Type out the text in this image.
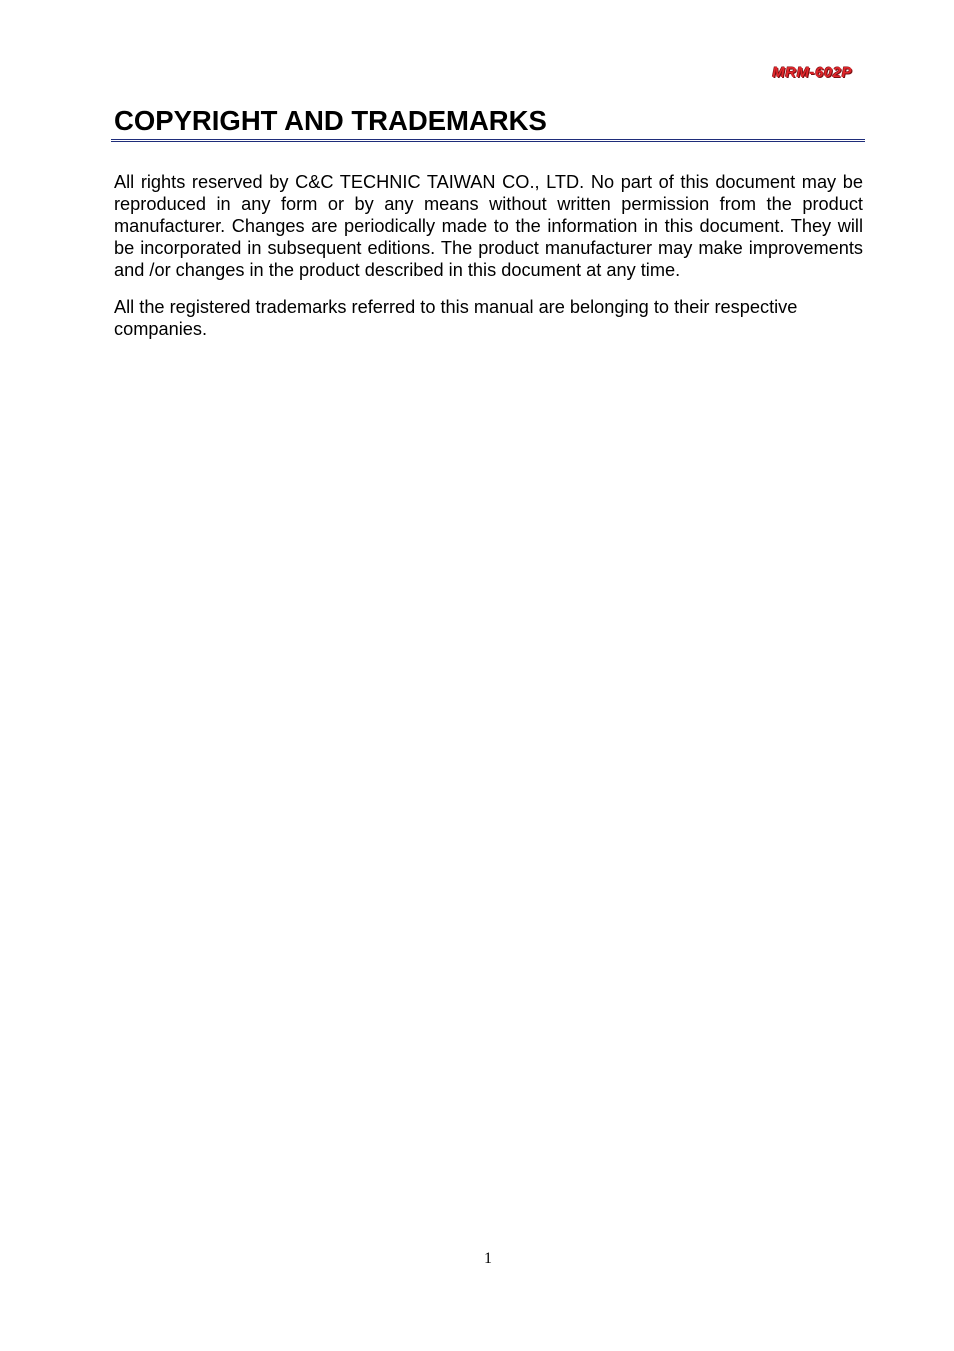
MRM-602P
COPYRIGHT AND TRADEMARKS

All rights reserved by C&C TECHNIC TAIWAN CO., LTD. No part of this document may be reproduced in any form or by any means without written permission from the product manufacturer. Changes are periodically made to the information in this document. They will be incorporated in subsequent editions. The product manufacturer may make improvements and /or changes in the product described in this document at any time.

All the registered trademarks referred to this manual are belonging to their respective companies.

1
